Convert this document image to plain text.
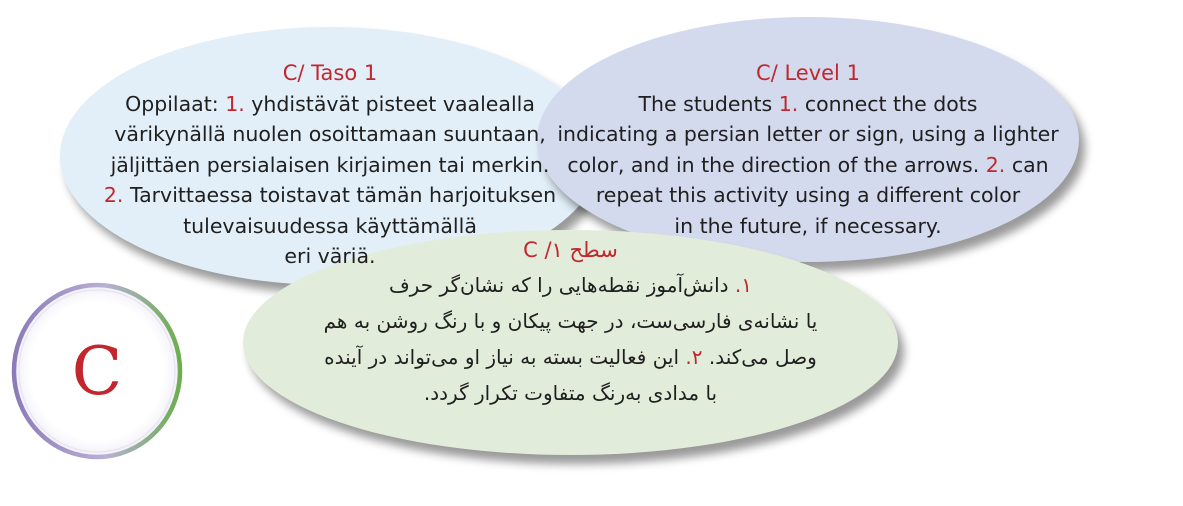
C/ Taso 1
Oppilaat: 1. yhdistävät pisteet vaalealla
värikynällä nuolen osoittamaan suuntaan,
jäljittäen persialaisen kirjaimen tai merkin.
2. Tarvittaessa toistavat tämän harjoituksen
tulevaisuudessa käyttämällä
eri väriä.
C/ Level 1
The students 1. connect the dots
indicating a persian letter or sign, using a lighter
color, and in the direction of the arrows. 2. can
repeat this activity using a different color
in the future, if necessary.
سطح ۱/ C
۱. دانش‌آموز نقطه‌هایی را که نشان‌گر حرف
یا نشانه‌ی فارسی‌ست، در جهت پیکان و با رنگ روشن به هم
وصل می‌کند. ۲. این فعالیت بسته به نیاز او می‌تواند در آینده
با مدادی به‌رنگ متفاوت تکرار گردد.
C
